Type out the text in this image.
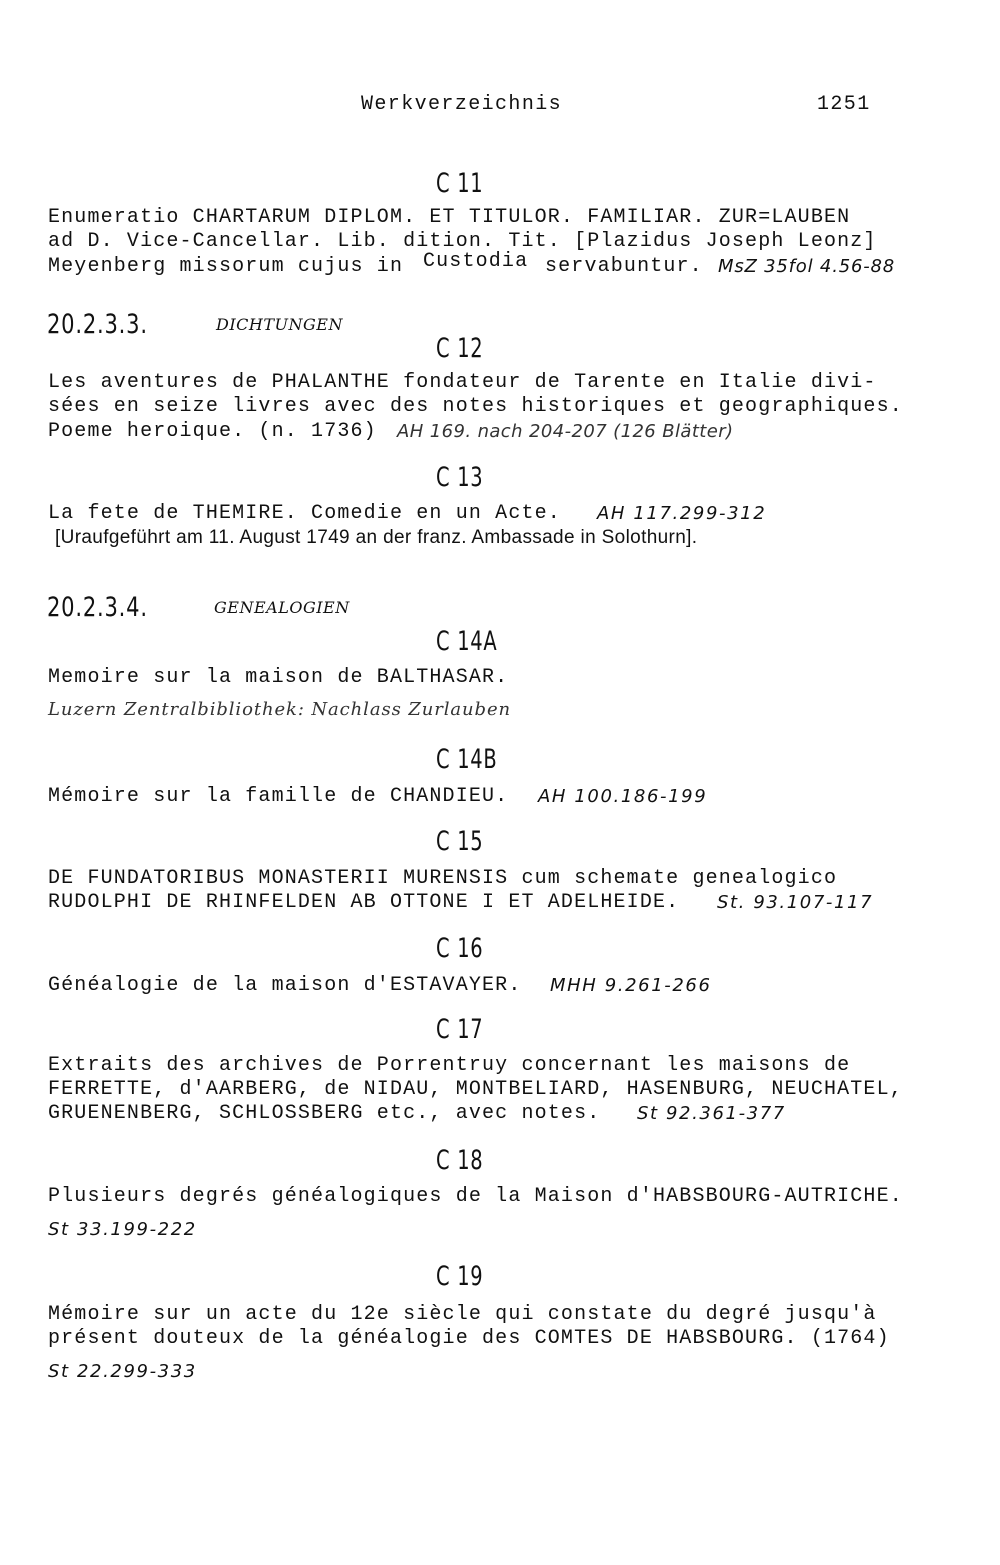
Werkverzeichnis	1251
C 11
Enumeratio CHARTARUM DIPLOM. ET TITULOR. FAMILIAR. ZUR=LAUBEN
ad D. Vice-Cancellar. Lib. dition. Tit. [Plazidus Joseph Leonz]
Meyenberg missorum cujus in Custodia servabuntur. MsZ 35fol 4.56-88
20.2.3.3.	DICHTUNGEN
C 12
Les aventures de PHALANTHE fondateur de Tarente en Italie divi-
sées en seize livres avec des notes historiques et geographiques.
Poeme heroique. (n. 1736) AH 169. nach 204-207 (126 Blätter)
C 13
La fete de THEMIRE. Comedie en un Acte. AH 117.299-312
[Uraufgeführt am 11. August 1749 an der franz. Ambassade in Solothurn].
20.2.3.4.	GENEALOGIEN
C 14A
Memoire sur la maison de BALTHASAR.
Luzern Zentralbibliothek: Nachlass Zurlauben
C 14B
Mémoire sur la famille de CHANDIEU. AH 100.186-199
C 15
DE FUNDATORIBUS MONASTERII MURENSIS cum schemate genealogico
RUDOLPHI DE RHINFELDEN AB OTTONE I ET ADELHEIDE. St. 93.107-117
C 16
Généalogie de la maison d'ESTAVAYER. MHH 9.261-266
C 17
Extraits des archives de Porrentruy concernant les maisons de
FERRETTE, d'AARBERG, de NIDAU, MONTBELIARD, HASENBURG, NEUCHATEL,
GRUENENBERG, SCHLOSSBERG etc., avec notes. St 92.361-377
C 18
Plusieurs degrés généalogiques de la Maison d'HABSBOURG-AUTRICHE.
St 33.199-222
C 19
Mémoire sur un acte du 12e siècle qui constate du degré jusqu'à
présent douteux de la généalogie des COMTES DE HABSBOURG. (1764)
St 22.299-333
